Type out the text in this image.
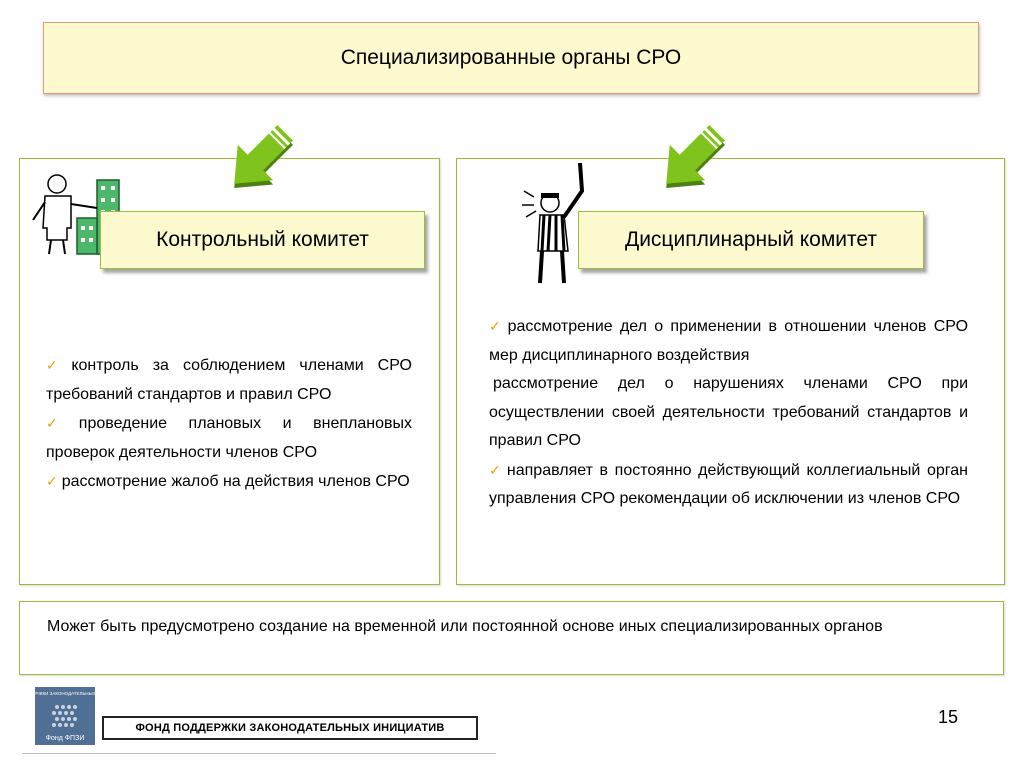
Специализированные органы СРО
Контрольный комитет

✓ контроль за соблюдением членами СРО требований стандартов и правил СРО

✓ проведение плановых и внеплановых проверок деятельности членов СРО

✓ рассмотрение жалоб на действия членов СРО

Дисциплинарный комитет

✓ рассмотрение дел о применении в отношении членов СРО мер дисциплинарного воздействия

рассмотрение дел о нарушениях членами СРО при осуществлении своей деятельности требований стандартов и правил СРО

✓ направляет в постоянно действующий коллегиальный орган управления СРО рекомендации об исключении из членов СРО

Может быть предусмотрено создание на временной или постоянной основе иных специализированных органов
ФОНД ПОДДЕРЖКИ ЗАКОНОДАТЕЛЬНЫХ ИНИЦИАТИВ
Фонд ФПЗИ
ФОНД ПОДДЕРЖКИ ЗАКОНОДАТЕЛЬНЫХ ИНИЦИАТИВ
15
